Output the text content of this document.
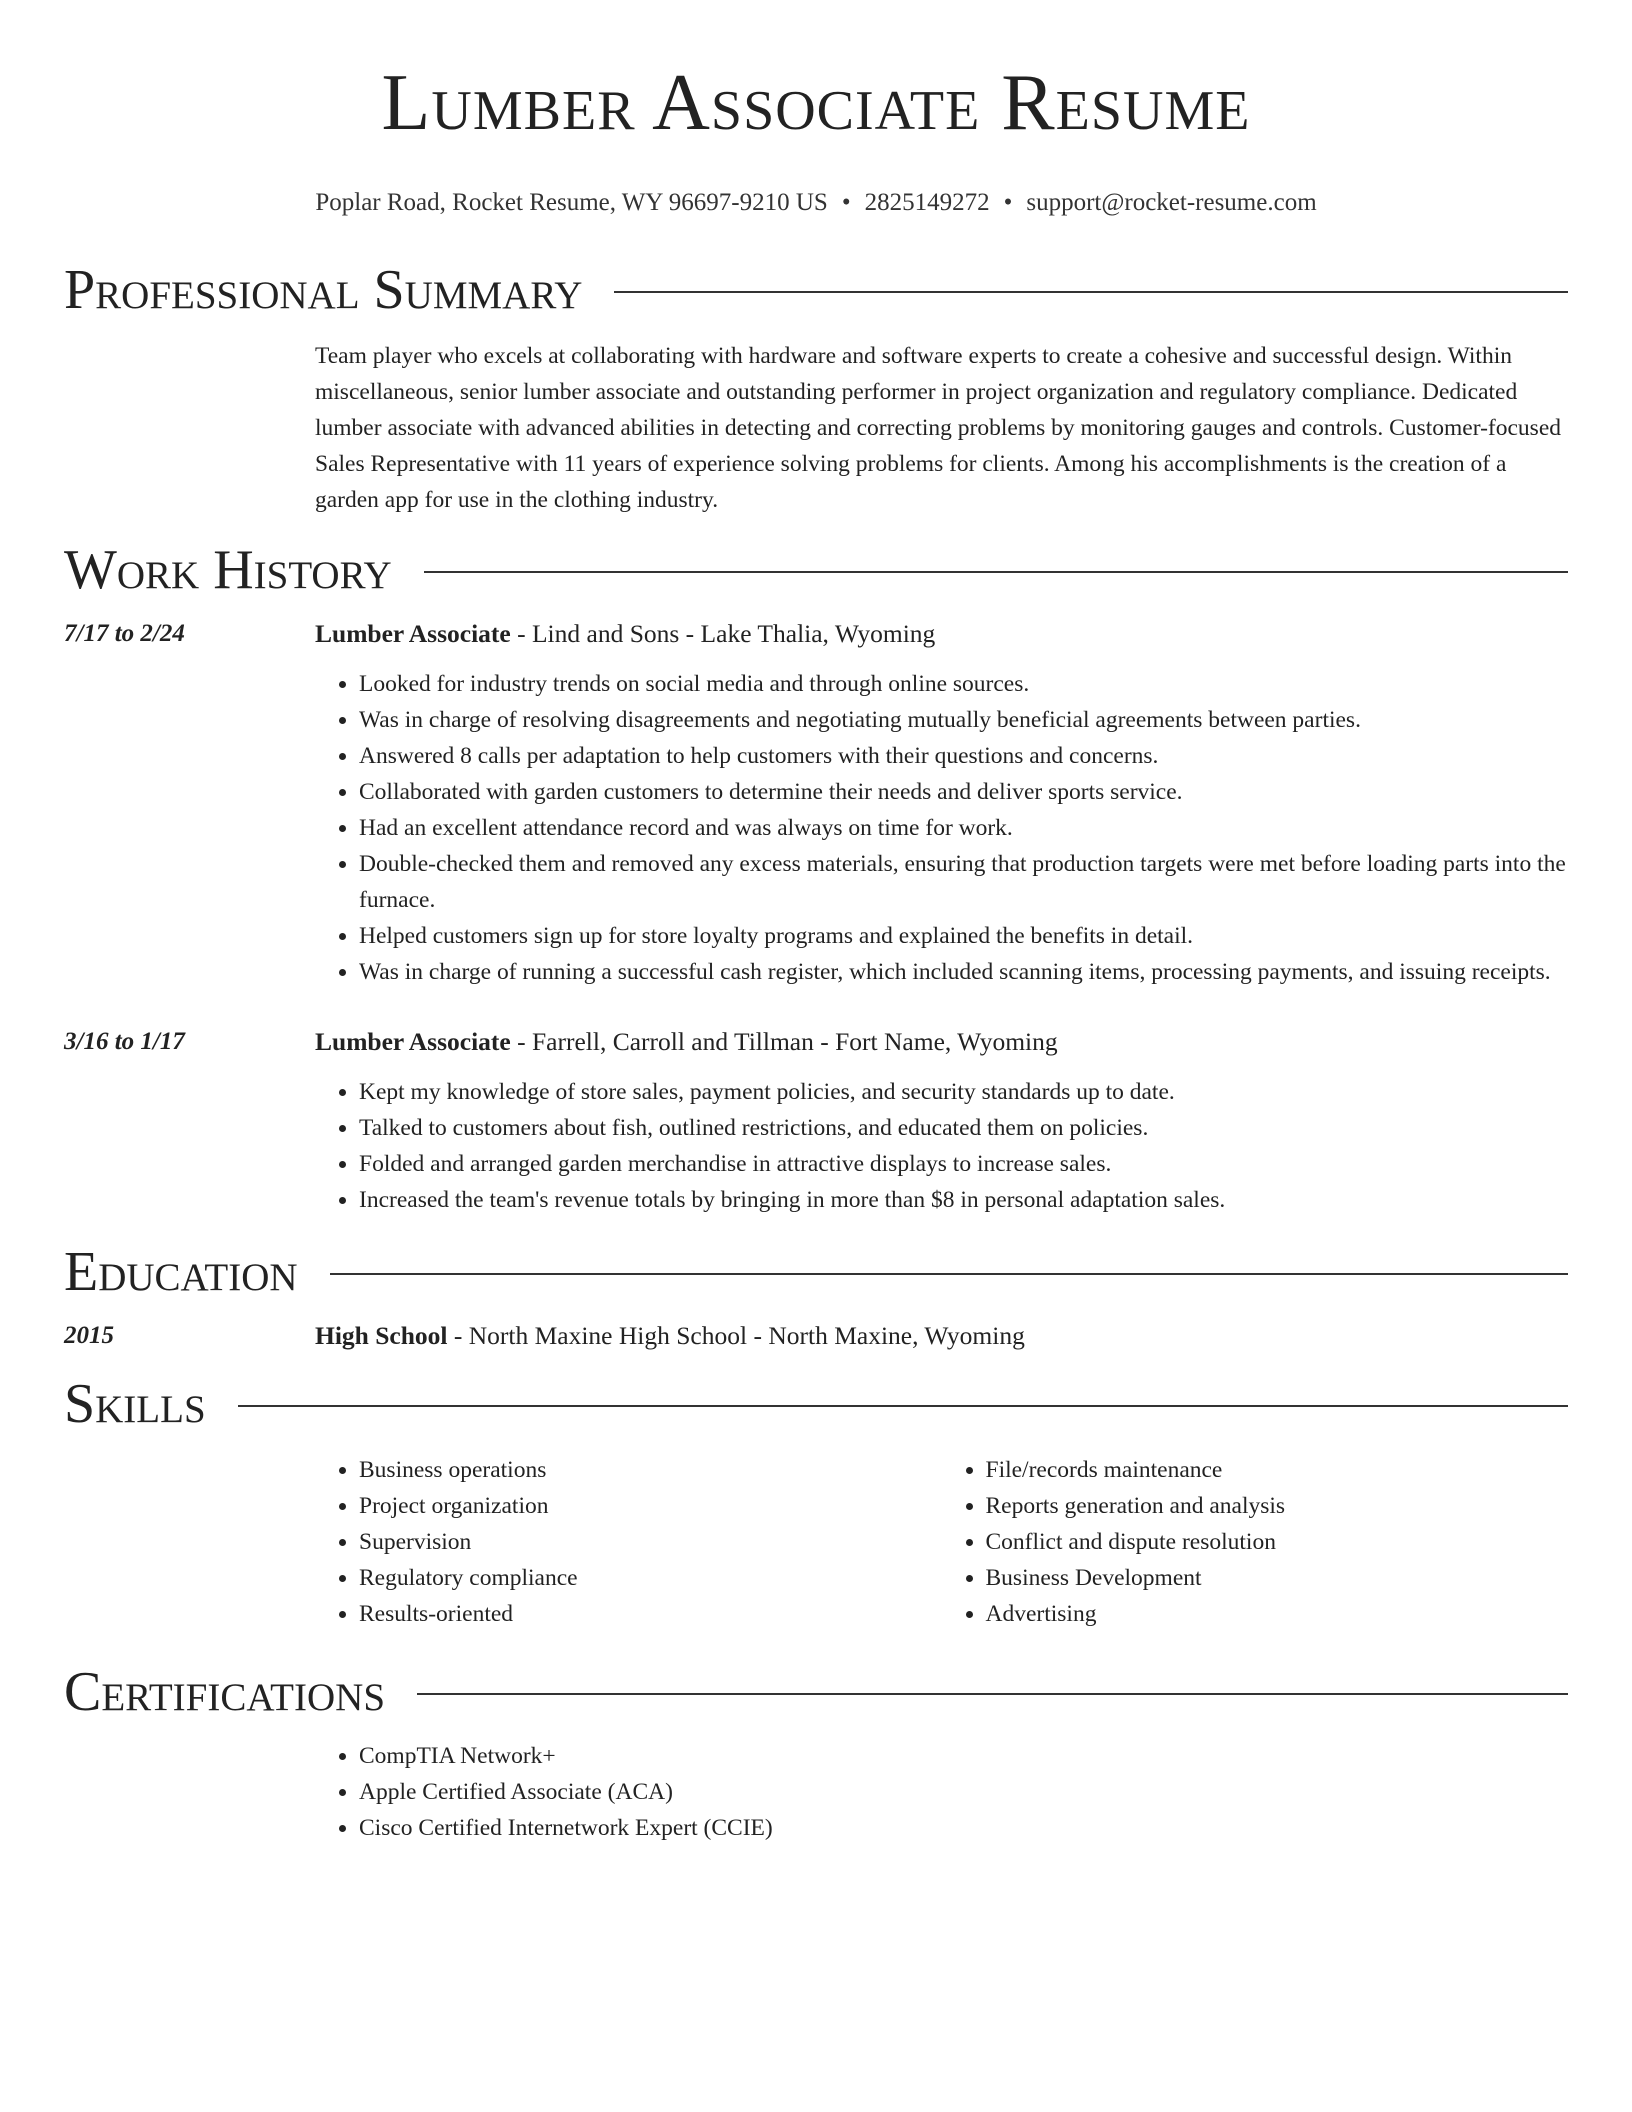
Lumber Associate Resume
Poplar Road, Rocket Resume, WY 96697-9210 US • 2825149272 • support@rocket-resume.com
Professional Summary
Team player who excels at collaborating with hardware and software experts to create a cohesive and successful design. Within miscellaneous, senior lumber associate and outstanding performer in project organization and regulatory compliance. Dedicated lumber associate with advanced abilities in detecting and correcting problems by monitoring gauges and controls. Customer-focused Sales Representative with 11 years of experience solving problems for clients. Among his accomplishments is the creation of a garden app for use in the clothing industry.
Work History
7/17 to 2/24	Lumber Associate - Lind and Sons - Lake Thalia, Wyoming
• Looked for industry trends on social media and through online sources.
• Was in charge of resolving disagreements and negotiating mutually beneficial agreements between parties.
• Answered 8 calls per adaptation to help customers with their questions and concerns.
• Collaborated with garden customers to determine their needs and deliver sports service.
• Had an excellent attendance record and was always on time for work.
• Double-checked them and removed any excess materials, ensuring that production targets were met before loading parts into the furnace.
• Helped customers sign up for store loyalty programs and explained the benefits in detail.
• Was in charge of running a successful cash register, which included scanning items, processing payments, and issuing receipts.
3/16 to 1/17	Lumber Associate - Farrell, Carroll and Tillman - Fort Name, Wyoming
• Kept my knowledge of store sales, payment policies, and security standards up to date.
• Talked to customers about fish, outlined restrictions, and educated them on policies.
• Folded and arranged garden merchandise in attractive displays to increase sales.
• Increased the team's revenue totals by bringing in more than $8 in personal adaptation sales.
Education
2015	High School - North Maxine High School - North Maxine, Wyoming
Skills
• Business operations
• Project organization
• Supervision
• Regulatory compliance
• Results-oriented
• File/records maintenance
• Reports generation and analysis
• Conflict and dispute resolution
• Business Development
• Advertising
Certifications
• CompTIA Network+
• Apple Certified Associate (ACA)
• Cisco Certified Internetwork Expert (CCIE)
